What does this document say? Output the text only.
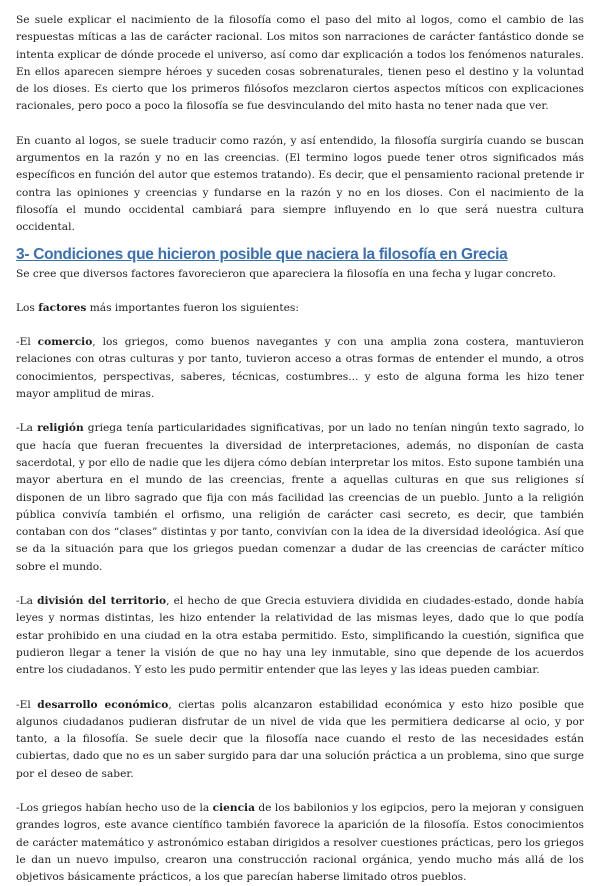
Se suele explicar el nacimiento de la filosofía como el paso del mito al logos, como el cambio de las respuestas míticas a las de carácter racional. Los mitos son narraciones de carácter fantástico donde se intenta explicar de dónde procede el universo, así como dar explicación a todos los fenómenos naturales. En ellos aparecen siempre héroes y suceden cosas sobrenaturales, tienen peso el destino y la voluntad de los dioses. Es cierto que los primeros filósofos mezclaron ciertos aspectos míticos con explicaciones racionales, pero poco a poco la filosofía se fue desvinculando del mito hasta no tener nada que ver.

En cuanto al logos, se suele traducir como razón, y así entendido, la filosofía surgiría cuando se buscan argumentos en la razón y no en las creencias. (El termino logos puede tener otros significados más específicos en función del autor que estemos tratando). Es decir, que el pensamiento racional pretende ir contra las opiniones y creencias y fundarse en la razón y no en los dioses. Con el nacimiento de la filosofía el mundo occidental cambiará para siempre influyendo en lo que será nuestra cultura occidental.

3- Condiciones que hicieron posible que naciera la filosofía en Grecia

Se cree que diversos factores favorecieron que apareciera la filosofía en una fecha y lugar concreto.

Los factores más importantes fueron los siguientes:

-El comercio, los griegos, como buenos navegantes y con una amplia zona costera, mantuvieron relaciones con otras culturas y por tanto, tuvieron acceso a otras formas de entender el mundo, a otros conocimientos, perspectivas, saberes, técnicas, costumbres... y esto de alguna forma les hizo tener mayor amplitud de miras.

-La religión griega tenía particularidades significativas, por un lado no tenían ningún texto sagrado, lo que hacía que fueran frecuentes la diversidad de interpretaciones, además, no disponían de casta sacerdotal, y por ello de nadie que les dijera cómo debían interpretar los mitos. Esto supone también una mayor abertura en el mundo de las creencias, frente a aquellas culturas en que sus religiones sí disponen de un libro sagrado que fija con más facilidad las creencias de un pueblo. Junto a la religión pública convivía también el orfismo, una religión de carácter casi secreto, es decir, que también contaban con dos “clases” distintas y por tanto, convivían con la idea de la diversidad ideológica. Así que se da la situación para que los griegos puedan comenzar a dudar de las creencias de carácter mítico sobre el mundo.

-La división del territorio, el hecho de que Grecia estuviera dividida en ciudades-estado, donde había leyes y normas distintas, les hizo entender la relatividad de las mismas leyes, dado que lo que podía estar prohibido en una ciudad en la otra estaba permitido. Esto, simplificando la cuestión, significa que pudieron llegar a tener la visión de que no hay una ley inmutable, sino que depende de los acuerdos entre los ciudadanos. Y esto les pudo permitir entender que las leyes y las ideas pueden cambiar.

-El desarrollo económico, ciertas polis alcanzaron estabilidad económica y esto hizo posible que algunos ciudadanos pudieran disfrutar de un nivel de vida que les permitiera dedicarse al ocio, y por tanto, a la filosofía. Se suele decir que la filosofía nace cuando el resto de las necesidades están cubiertas, dado que no es un saber surgido para dar una solución práctica a un problema, sino que surge por el deseo de saber.

-Los griegos habían hecho uso de la ciencia de los babilonios y los egipcios, pero la mejoran y consiguen grandes logros, este avance científico también favorece la aparición de la filosofía. Estos conocimientos de carácter matemático y astronómico estaban dirigidos a resolver cuestiones prácticas, pero los griegos le dan un nuevo impulso, crearon una construcción racional orgánica, yendo mucho más allá de los objetivos básicamente prácticos, a los que parecían haberse limitado otros pueblos.
